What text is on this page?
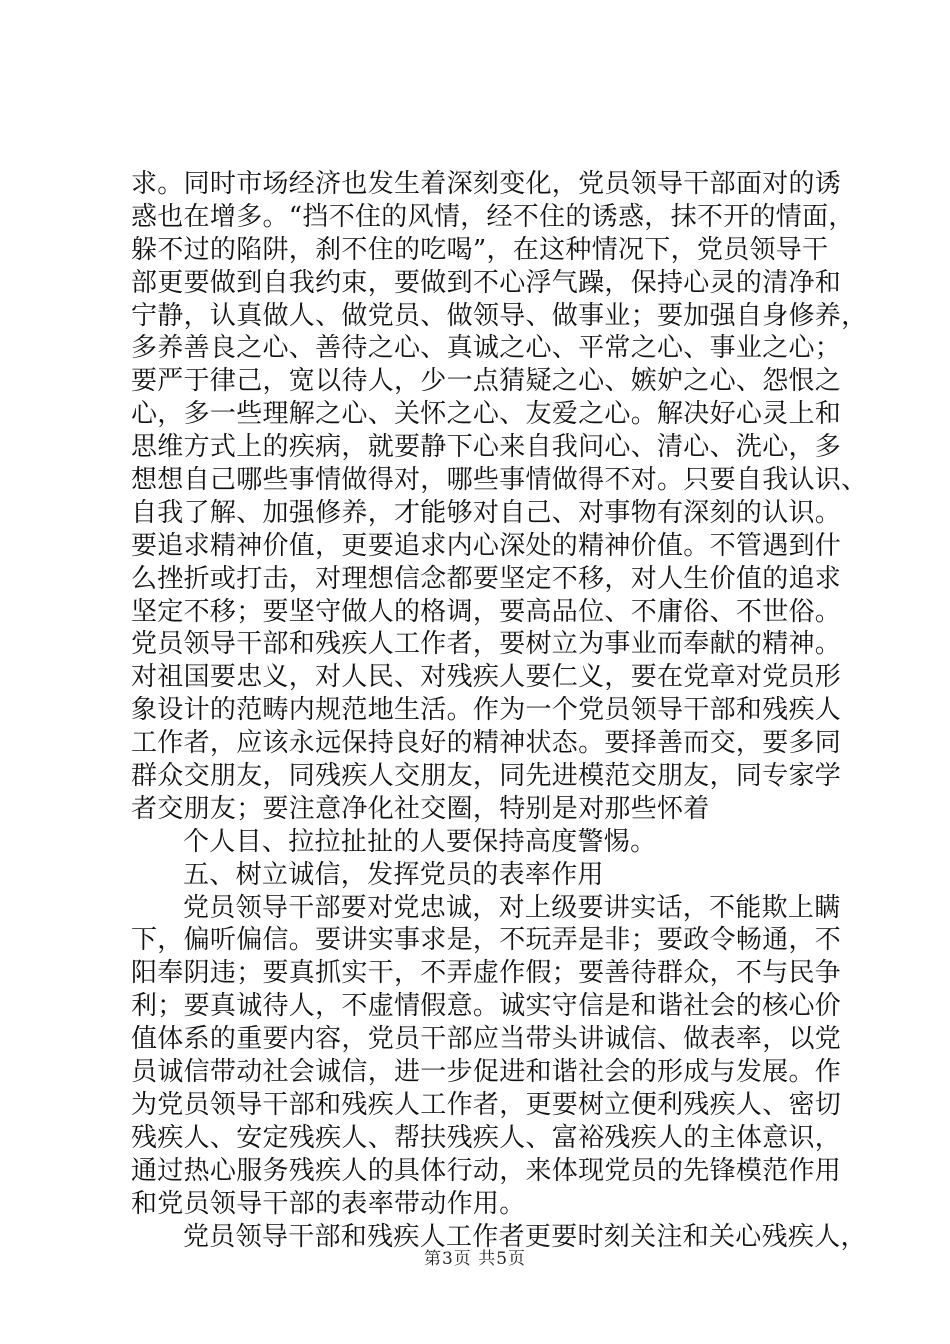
求。同时市场经济也发生着深刻变化，党员领导干部面对的诱
惑也在增多。“挡不住的风情，经不住的诱惑，抹不开的情面，
躲不过的陷阱，刹不住的吃喝”，在这种情况下，党员领导干
部更要做到自我约束，要做到不心浮气躁，保持心灵的清净和
宁静，认真做人、做党员、做领导、做事业；要加强自身修养，
多养善良之心、善待之心、真诚之心、平常之心、事业之心；
要严于律己，宽以待人，少一点猜疑之心、嫉妒之心、怨恨之
心，多一些理解之心、关怀之心、友爱之心。解决好心灵上和
思维方式上的疾病，就要静下心来自我问心、清心、洗心，多
想想自己哪些事情做得对，哪些事情做得不对。只要自我认识、
自我了解、加强修养，才能够对自己、对事物有深刻的认识。
要追求精神价值，更要追求内心深处的精神价值。不管遇到什
么挫折或打击，对理想信念都要坚定不移，对人生价值的追求
坚定不移；要坚守做人的格调，要高品位、不庸俗、不世俗。
党员领导干部和残疾人工作者，要树立为事业而奉献的精神。
对祖国要忠义，对人民、对残疾人要仁义，要在党章对党员形
象设计的范畴内规范地生活。作为一个党员领导干部和残疾人
工作者，应该永远保持良好的精神状态。要择善而交，要多同
群众交朋友，同残疾人交朋友，同先进模范交朋友，同专家学
者交朋友；要注意净化社交圈，特别是对那些怀着
个人目、拉拉扯扯的人要保持高度警惕。
五、树立诚信，发挥党员的表率作用
党员领导干部要对党忠诚，对上级要讲实话，不能欺上瞒
下，偏听偏信。要讲实事求是，不玩弄是非；要政令畅通，不
阳奉阴违；要真抓实干，不弄虚作假；要善待群众，不与民争
利；要真诚待人，不虚情假意。诚实守信是和谐社会的核心价
值体系的重要内容，党员干部应当带头讲诚信、做表率，以党
员诚信带动社会诚信，进一步促进和谐社会的形成与发展。作
为党员领导干部和残疾人工作者，更要树立便利残疾人、密切
残疾人、安定残疾人、帮扶残疾人、富裕残疾人的主体意识，
通过热心服务残疾人的具体行动，来体现党员的先锋模范作用
和党员领导干部的表率带动作用。
党员领导干部和残疾人工作者更要时刻关注和关心残疾人，
第3页 共5页
